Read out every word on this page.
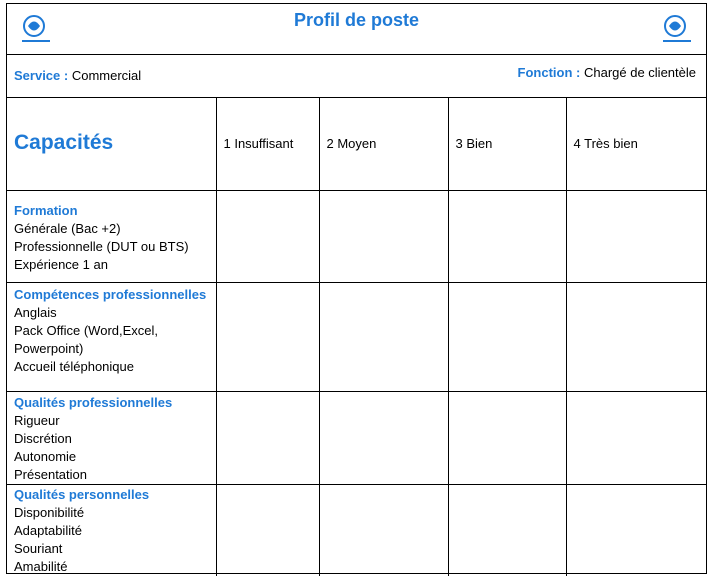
Profil de poste
Service : Commercial	Fonction : Chargé de clientèle
Capacités	1 Insuffisant	2 Moyen	3 Bien	4 Très bien

Formation
Générale (Bac +2)
Professionnelle (DUT ou BTS)
Expérience 1 an				

Compétences professionnelles
Anglais
Pack Office (Word,Excel,
Powerpoint)
Accueil téléphonique				

Qualités professionnelles
Rigueur
Discrétion
Autonomie
Présentation				

Qualités personnelles
Disponibilité
Adaptabilité
Souriant
Amabilité				
